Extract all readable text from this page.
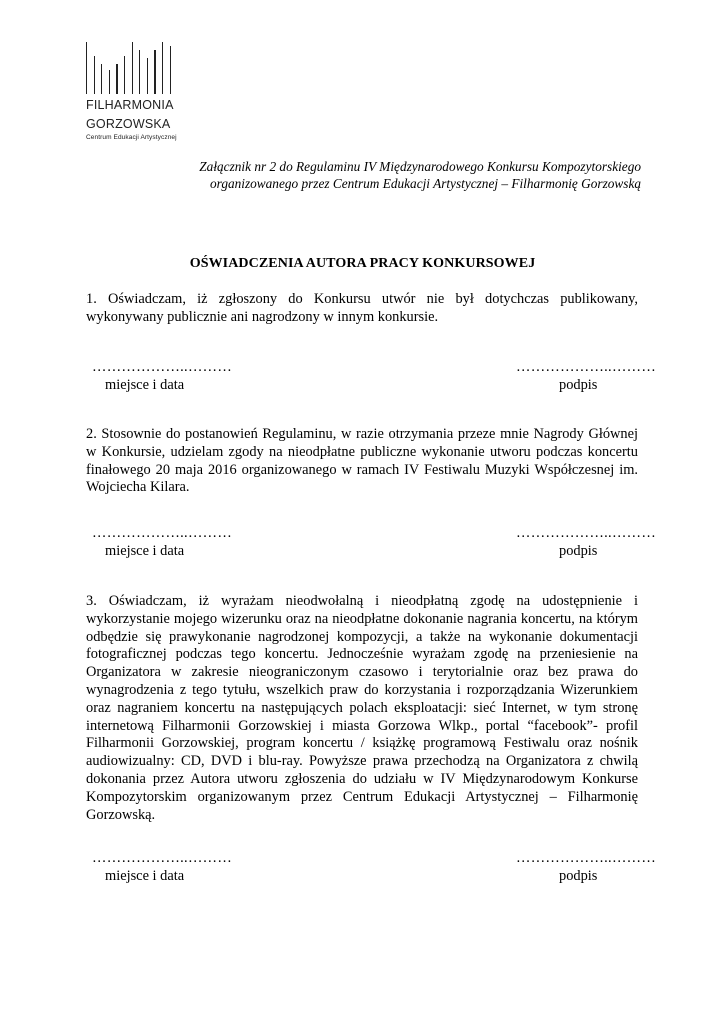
FILHARMONIA
GORZOWSKA
Centrum Edukacji Artystycznej
Załącznik nr 2 do Regulaminu IV Międzynarodowego Konkursu Kompozytorskiego
organizowanego przez Centrum Edukacji Artystycznej – Filharmonię Gorzowską
OŚWIADCZENIA AUTORA PRACY KONKURSOWEJ
1. Oświadczam, iż zgłoszony do Konkursu utwór nie był dotychczas publikowany, wykonywany publicznie ani nagrodzony w innym konkursie.
………………..………
miejsce i data
………………..………
podpis
2. Stosownie do postanowień Regulaminu, w razie otrzymania przeze mnie Nagrody Głównej w Konkursie, udzielam zgody na nieodpłatne publiczne wykonanie utworu podczas koncertu finałowego 20 maja 2016 organizowanego w ramach IV Festiwalu Muzyki Współczesnej im. Wojciecha Kilara.
………………..………
miejsce i data
………………..………
podpis
3. Oświadczam, iż wyrażam nieodwołalną i nieodpłatną zgodę na udostępnienie i wykorzystanie mojego wizerunku oraz na nieodpłatne dokonanie nagrania koncertu, na którym odbędzie się prawykonanie nagrodzonej kompozycji, a także na wykonanie dokumentacji fotograficznej podczas tego koncertu. Jednocześnie wyrażam zgodę na przeniesienie na Organizatora w zakresie nieograniczonym czasowo i terytorialnie oraz bez prawa do wynagrodzenia z tego tytułu, wszelkich praw do korzystania i rozporządzania Wizerunkiem oraz nagraniem koncertu na następujących polach eksploatacji: sieć Internet, w tym stronę internetową Filharmonii Gorzowskiej i miasta Gorzowa Wlkp., portal “facebook”- profil Filharmonii Gorzowskiej, program koncertu / książkę programową Festiwalu oraz nośnik audiowizualny: CD, DVD i blu-ray. Powyższe prawa przechodzą na Organizatora z chwilą dokonania przez Autora utworu zgłoszenia do udziału w IV Międzynarodowym Konkurse Kompozytorskim organizowanym przez Centrum Edukacji Artystycznej – Filharmonię Gorzowską.
………………..………
miejsce i data
………………..………
podpis
